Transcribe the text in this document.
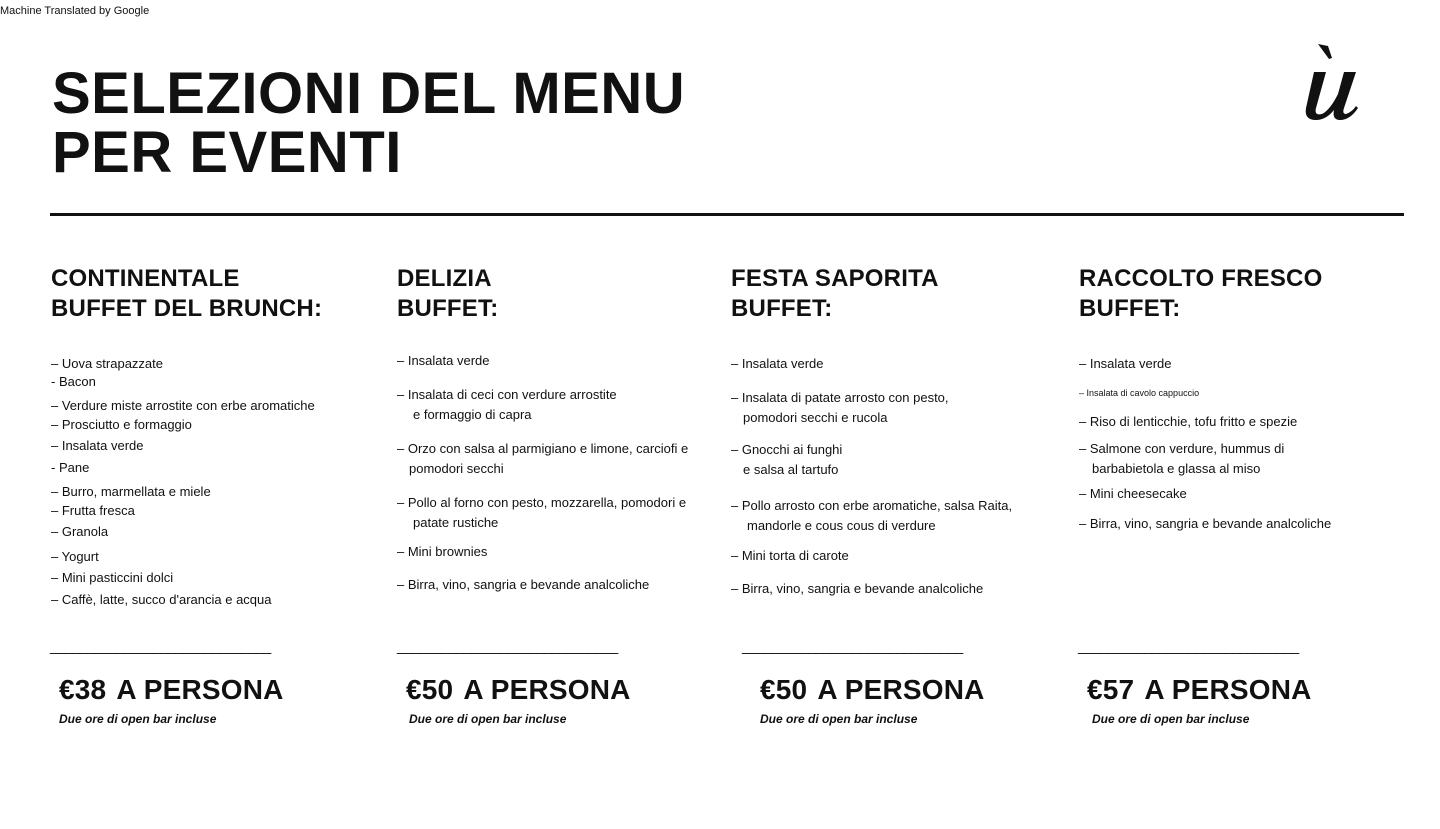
Machine Translated by Google
SELEZIONI DEL MENU
PER EVENTI
CONTINENTALE
BUFFET DEL BRUNCH:
– Uova strapazzate
- Bacon
– Verdure miste arrostite con erbe aromatiche
– Prosciutto e formaggio
– Insalata verde
- Pane
– Burro, marmellata e miele
– Frutta fresca
– Granola
– Yogurt
– Mini pasticcini dolci
– Caffè, latte, succo d'arancia e acqua
______________________________
€38 A PERSONA
Due ore di open bar incluse
DELIZIA
BUFFET:
– Insalata verde
– Insalata di ceci con verdure arrostite
e formaggio di capra
– Orzo con salsa al parmigiano e limone, carciofi e
pomodori secchi
– Pollo al forno con pesto, mozzarella, pomodori e
patate rustiche
– Mini brownies
– Birra, vino, sangria e bevande analcoliche
______________________________
€50 A PERSONA
Due ore di open bar incluse
FESTA SAPORITA
BUFFET:
– Insalata verde
– Insalata di patate arrosto con pesto,
pomodori secchi e rucola
– Gnocchi ai funghi
e salsa al tartufo
– Pollo arrosto con erbe aromatiche, salsa Raita,
mandorle e cous cous di verdure
– Mini torta di carote
– Birra, vino, sangria e bevande analcoliche
______________________________
€50 A PERSONA
Due ore di open bar incluse
RACCOLTO FRESCO
BUFFET:
– Insalata verde
– Insalata di cavolo cappuccio
– Riso di lenticchie, tofu fritto e spezie
– Salmone con verdure, hummus di
barbabietola e glassa al miso
– Mini cheesecake
– Birra, vino, sangria e bevande analcoliche
______________________________
€57 A PERSONA
Due ore di open bar incluse
